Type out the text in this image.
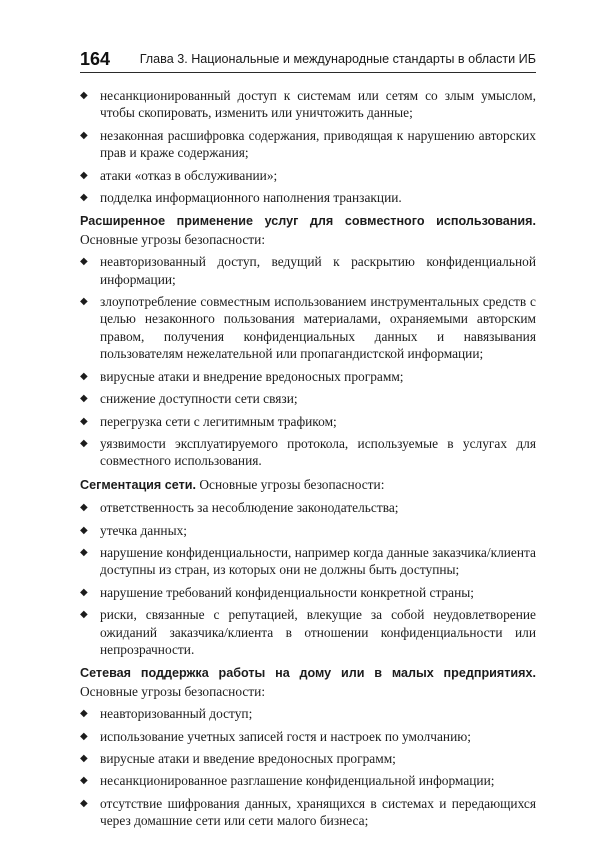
164 Глава 3. Национальные и международные стандарты в области ИБ
◆ несанкционированный доступ к системам или сетям со злым умыслом, чтобы скопировать, изменить или уничтожить данные;
◆ незаконная расшифровка содержания, приводящая к нарушению авторских прав и краже содержания;
◆ атаки «отказ в обслуживании»;
◆ подделка информационного наполнения транзакции.
Расширенное применение услуг для совместного использования. Основные угрозы безопасности:
◆ неавторизованный доступ, ведущий к раскрытию конфиденциальной информации;
◆ злоупотребление совместным использованием инструментальных средств с целью незаконного пользования материалами, охраняемыми авторским правом, получения конфиденциальных данных и навязывания пользователям нежелательной или пропагандистской информации;
◆ вирусные атаки и внедрение вредоносных программ;
◆ снижение доступности сети связи;
◆ перегрузка сети с легитимным трафиком;
◆ уязвимости эксплуатируемого протокола, используемые в услугах для совместного использования.
Сегментация сети. Основные угрозы безопасности:
◆ ответственность за несоблюдение законодательства;
◆ утечка данных;
◆ нарушение конфиденциальности, например когда данные заказчика/клиента доступны из стран, из которых они не должны быть доступны;
◆ нарушение требований конфиденциальности конкретной страны;
◆ риски, связанные с репутацией, влекущие за собой неудовлетворение ожиданий заказчика/клиента в отношении конфиденциальности или непрозрачности.
Сетевая поддержка работы на дому или в малых предприятиях. Основные угрозы безопасности:
◆ неавторизованный доступ;
◆ использование учетных записей гостя и настроек по умолчанию;
◆ вирусные атаки и введение вредоносных программ;
◆ несанкционированное разглашение конфиденциальной информации;
◆ отсутствие шифрования данных, хранящихся в системах и передающихся через домашние сети или сети малого бизнеса;
